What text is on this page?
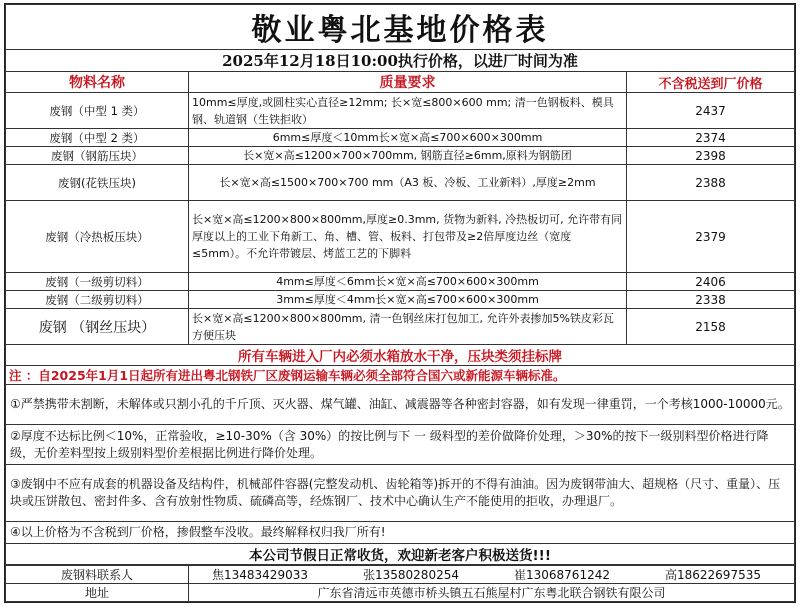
敬业粤北基地价格表		
2025年12月18日10:00执行价格，以进厂时间为准		
物料名称	质量要求	不含税送到厂价格
废钢（中型 1 类）	10mm≤厚度,或圆柱实心直径≥12mm; 长×宽≤800×600 mm; 清一色钢板料、模具钢、轨道钢（生铁拒收）	2437
废钢（中型 2 类）	6mm≤厚度＜10mm长×宽×高≤700×600×300mm	2374
废钢（钢筋压块）	长×宽×高≤1200×700×700mm, 钢筋直径≥6mm,原料为钢筋团	2398
废钢(花铁压块)	长×宽×高≤1500×700×700 mm（A3 板、冷板、工业新料）,厚度≥2mm	2388
废钢（冷热板压块）	长×宽×高≤1200×800×800mm,厚度≥0.3mm, 货物为新料, 冷热板切可, 允许带有同厚度以上的工业下角新工、角、槽、管、板料、打包带及≥2倍厚度边丝（宽度≤5mm）。不允许带镀层、烤蓝工艺的下脚料	2379
废钢（一级剪切料）	4mm≤厚度＜6mm长×宽×高≤700×600×300mm	2406
废钢（二级剪切料）	3mm≤厚度＜4mm长×宽×高≤700×600×300mm	2338
废钢 （钢丝压块）	长×宽×高≤1200×800×800mm, 清一色钢丝床打包加工, 允许外表掺加5%铁皮彩瓦方便压块	2158
所有车辆进入厂内必须水箱放水干净，压块类须挂标牌		
注 ：自2025年1月1日起所有进出粤北钢铁厂区废钢运输车辆必须全部符合国六或新能源车辆标准。		
①严禁携带未割断，未解体或只割小孔的千斤顶、灭火器、煤气罐、油缸、减震器等各种密封容器，如有发现一律重罚，一个考核1000-10000元。		
②厚度不达标比例＜10%，正常验收，≥10-30%（含 30%）的按比例与下 一 级料型的差价做降价处理，＞30%的按下一级别料型价格进行降级，无价差料型按上级别料型价差根据比例进行降价处理。		
③废钢中不应有成套的机器设备及结构件，机械部件容器(完整发动机、齿轮箱等)拆开的不得有油油。因为废钢带油大、超规格（尺寸、重量）、压块或压饼散包、密封件多、含有放射性物质、硫磷高等，经炼钢厂、技术中心确认生产不能使用的拒收，办理退厂。		
④以上价格为不含税到厂价格，掺假整车没收。最终解释权归我厂所有!		
本公司节假日正常收货，欢迎新老客户积极送货!!!		
废钢料联系人	焦13483429033 张13580280254 崔13068761242 高18622697535

地址	广东省清远市英德市桥头镇五石熊屋村广东粤北联合钢铁有限公司
